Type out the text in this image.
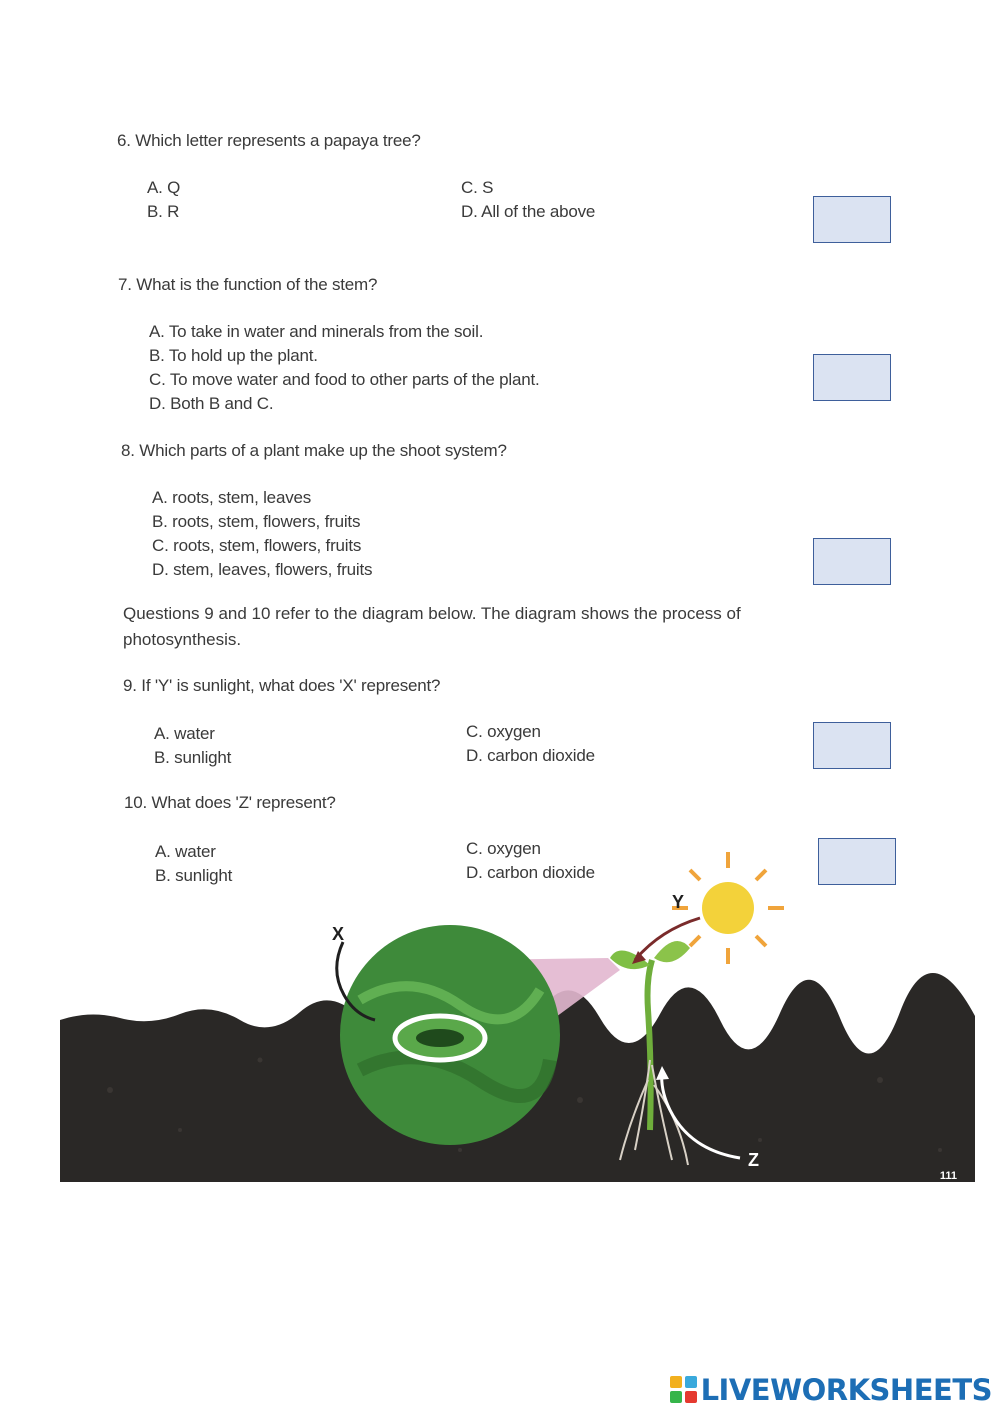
6. Which letter represents a papaya tree?
A. Q
B. R
C. S
D. All of the above
7. What is the function of the stem?
A. To take in water and minerals from the soil.
B. To hold up the plant.
C. To move water and food to other parts of the plant.
D. Both B and C.
8. Which parts of a plant make up the shoot system?
A. roots, stem, leaves
B. roots, stem, flowers, fruits
C. roots, stem, flowers, fruits
D. stem, leaves, flowers, fruits
Questions 9 and 10 refer to the diagram below. The diagram shows the process of
photosynthesis.
9. If 'Y' is sunlight, what does 'X' represent?
A. water
B. sunlight
C. oxygen
D. carbon dioxide
10. What does 'Z' represent?
A. water
B. sunlight
C. oxygen
D. carbon dioxide
X
Y
Z
111
LIVEWORKSHEETS
